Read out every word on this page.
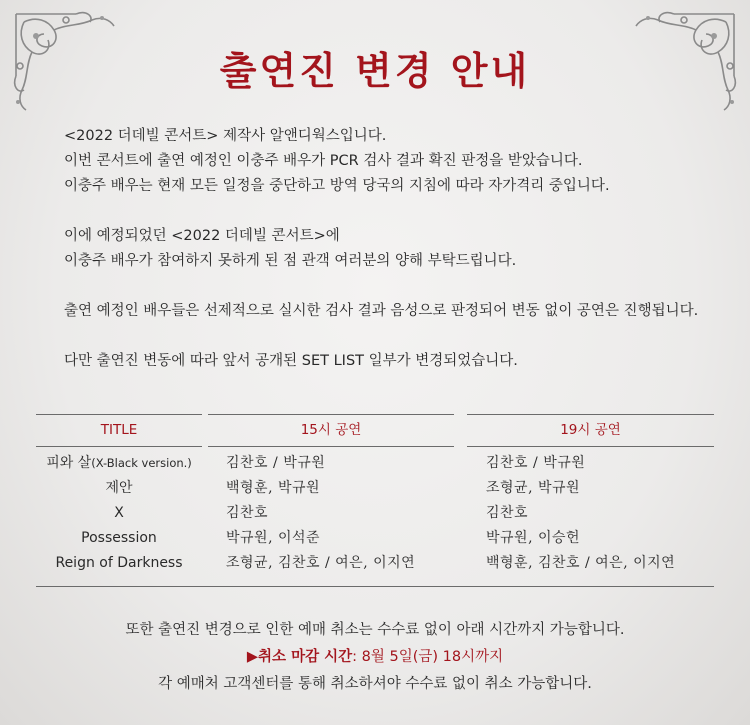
출연진 변경 안내

<2022 더데빌 콘서트> 제작사 알앤디웍스입니다.
이번 콘서트에 출연 예정인 이충주 배우가 PCR 검사 결과 확진 판정을 받았습니다.
이충주 배우는 현재 모든 일정을 중단하고 방역 당국의 지침에 따라 자가격리 중입니다.

이에 예정되었던 <2022 더데빌 콘서트>에
이충주 배우가 참여하지 못하게 된 점 관객 여러분의 양해 부탁드립니다.

출연 예정인 배우들은 선제적으로 실시한 검사 결과 음성으로 판정되어 변동 없이 공연은 진행됩니다.

다만 출연진 변동에 따라 앞서 공개된 SET LIST 일부가 변경되었습니다.

TITLE	15시 공연	19시 공연
피와 살(X-Black version.)	김찬호 / 박규원	김찬호 / 박규원
제안	백형훈, 박규원	조형균, 박규원
X	김찬호	김찬호
Possession	박규원, 이석준	박규원, 이승헌
Reign of Darkness	조형균, 김찬호 / 여은, 이지연	백형훈, 김찬호 / 여은, 이지연
또한 출연진 변경으로 인한 예매 취소는 수수료 없이 아래 시간까지 가능합니다.
▶취소 마감 시간: 8월 5일(금) 18시까지
각 예매처 고객센터를 통해 취소하셔야 수수료 없이 취소 가능합니다.
